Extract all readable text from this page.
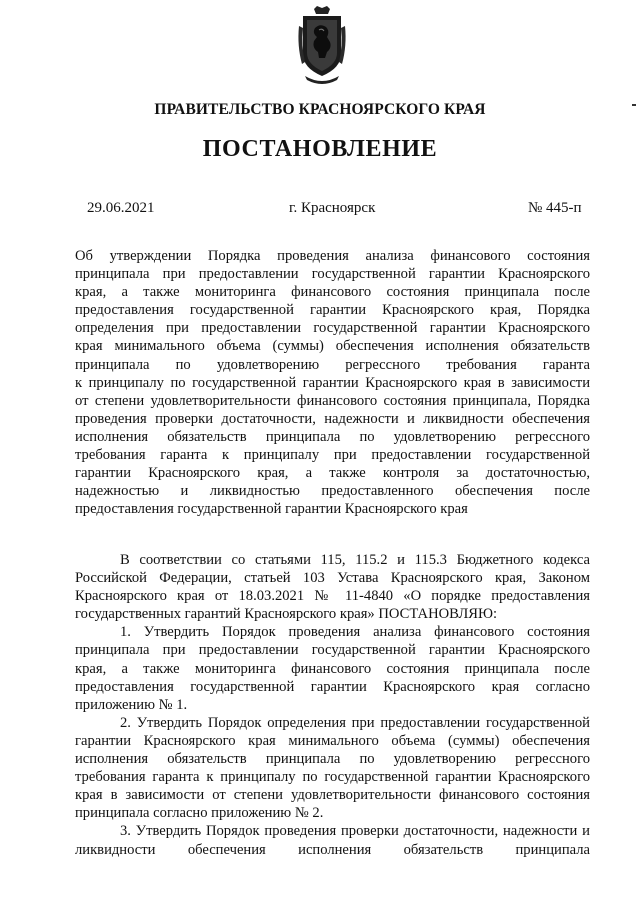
ПРАВИТЕЛЬСТВО КРАСНОЯРСКОГО КРАЯ
ПОСТАНОВЛЕНИЕ
29.06.2021	г. Красноярск	№ 445-п
Об утверждении Порядка проведения анализа финансового состояния
принципала при предоставлении государственной гарантии Красноярского
края, а также мониторинга финансового состояния принципала после
предоставления государственной гарантии Красноярского края, Порядка
определения при предоставлении государственной гарантии Красноярского
края минимального объема (суммы) обеспечения исполнения обязательств
принципала по удовлетворению регрессного требования гаранта
к принципалу по государственной гарантии Красноярского края в зависимости
от степени удовлетворительности финансового состояния принципала, Порядка
проведения проверки достаточности, надежности и ликвидности обеспечения
исполнения обязательств принципала по удовлетворению регрессного
требования гаранта к принципалу при предоставлении государственной
гарантии Красноярского края, а также контроля за достаточностью,
надежностью и ликвидностью предоставленного обеспечения после
предоставления государственной гарантии Красноярского края
В соответствии со статьями 115, 115.2 и 115.3 Бюджетного кодекса
Российской Федерации, статьей 103 Устава Красноярского края, Законом
Красноярского края от 18.03.2021 № 11-4840 «О порядке предоставления
государственных гарантий Красноярского края» ПОСТАНОВЛЯЮ:
1. Утвердить Порядок проведения анализа финансового состояния
принципала при предоставлении государственной гарантии Красноярского
края, а также мониторинга финансового состояния принципала после
предоставления государственной гарантии Красноярского края согласно
приложению № 1.
2. Утвердить Порядок определения при предоставлении государственной
гарантии Красноярского края минимального объема (суммы) обеспечения
исполнения обязательств принципала по удовлетворению регрессного
требования гаранта к принципалу по государственной гарантии Красноярского
края в зависимости от степени удовлетворительности финансового состояния
принципала согласно приложению № 2.
3. Утвердить Порядок проведения проверки достаточности, надежности и
ликвидности обеспечения исполнения обязательств принципала
